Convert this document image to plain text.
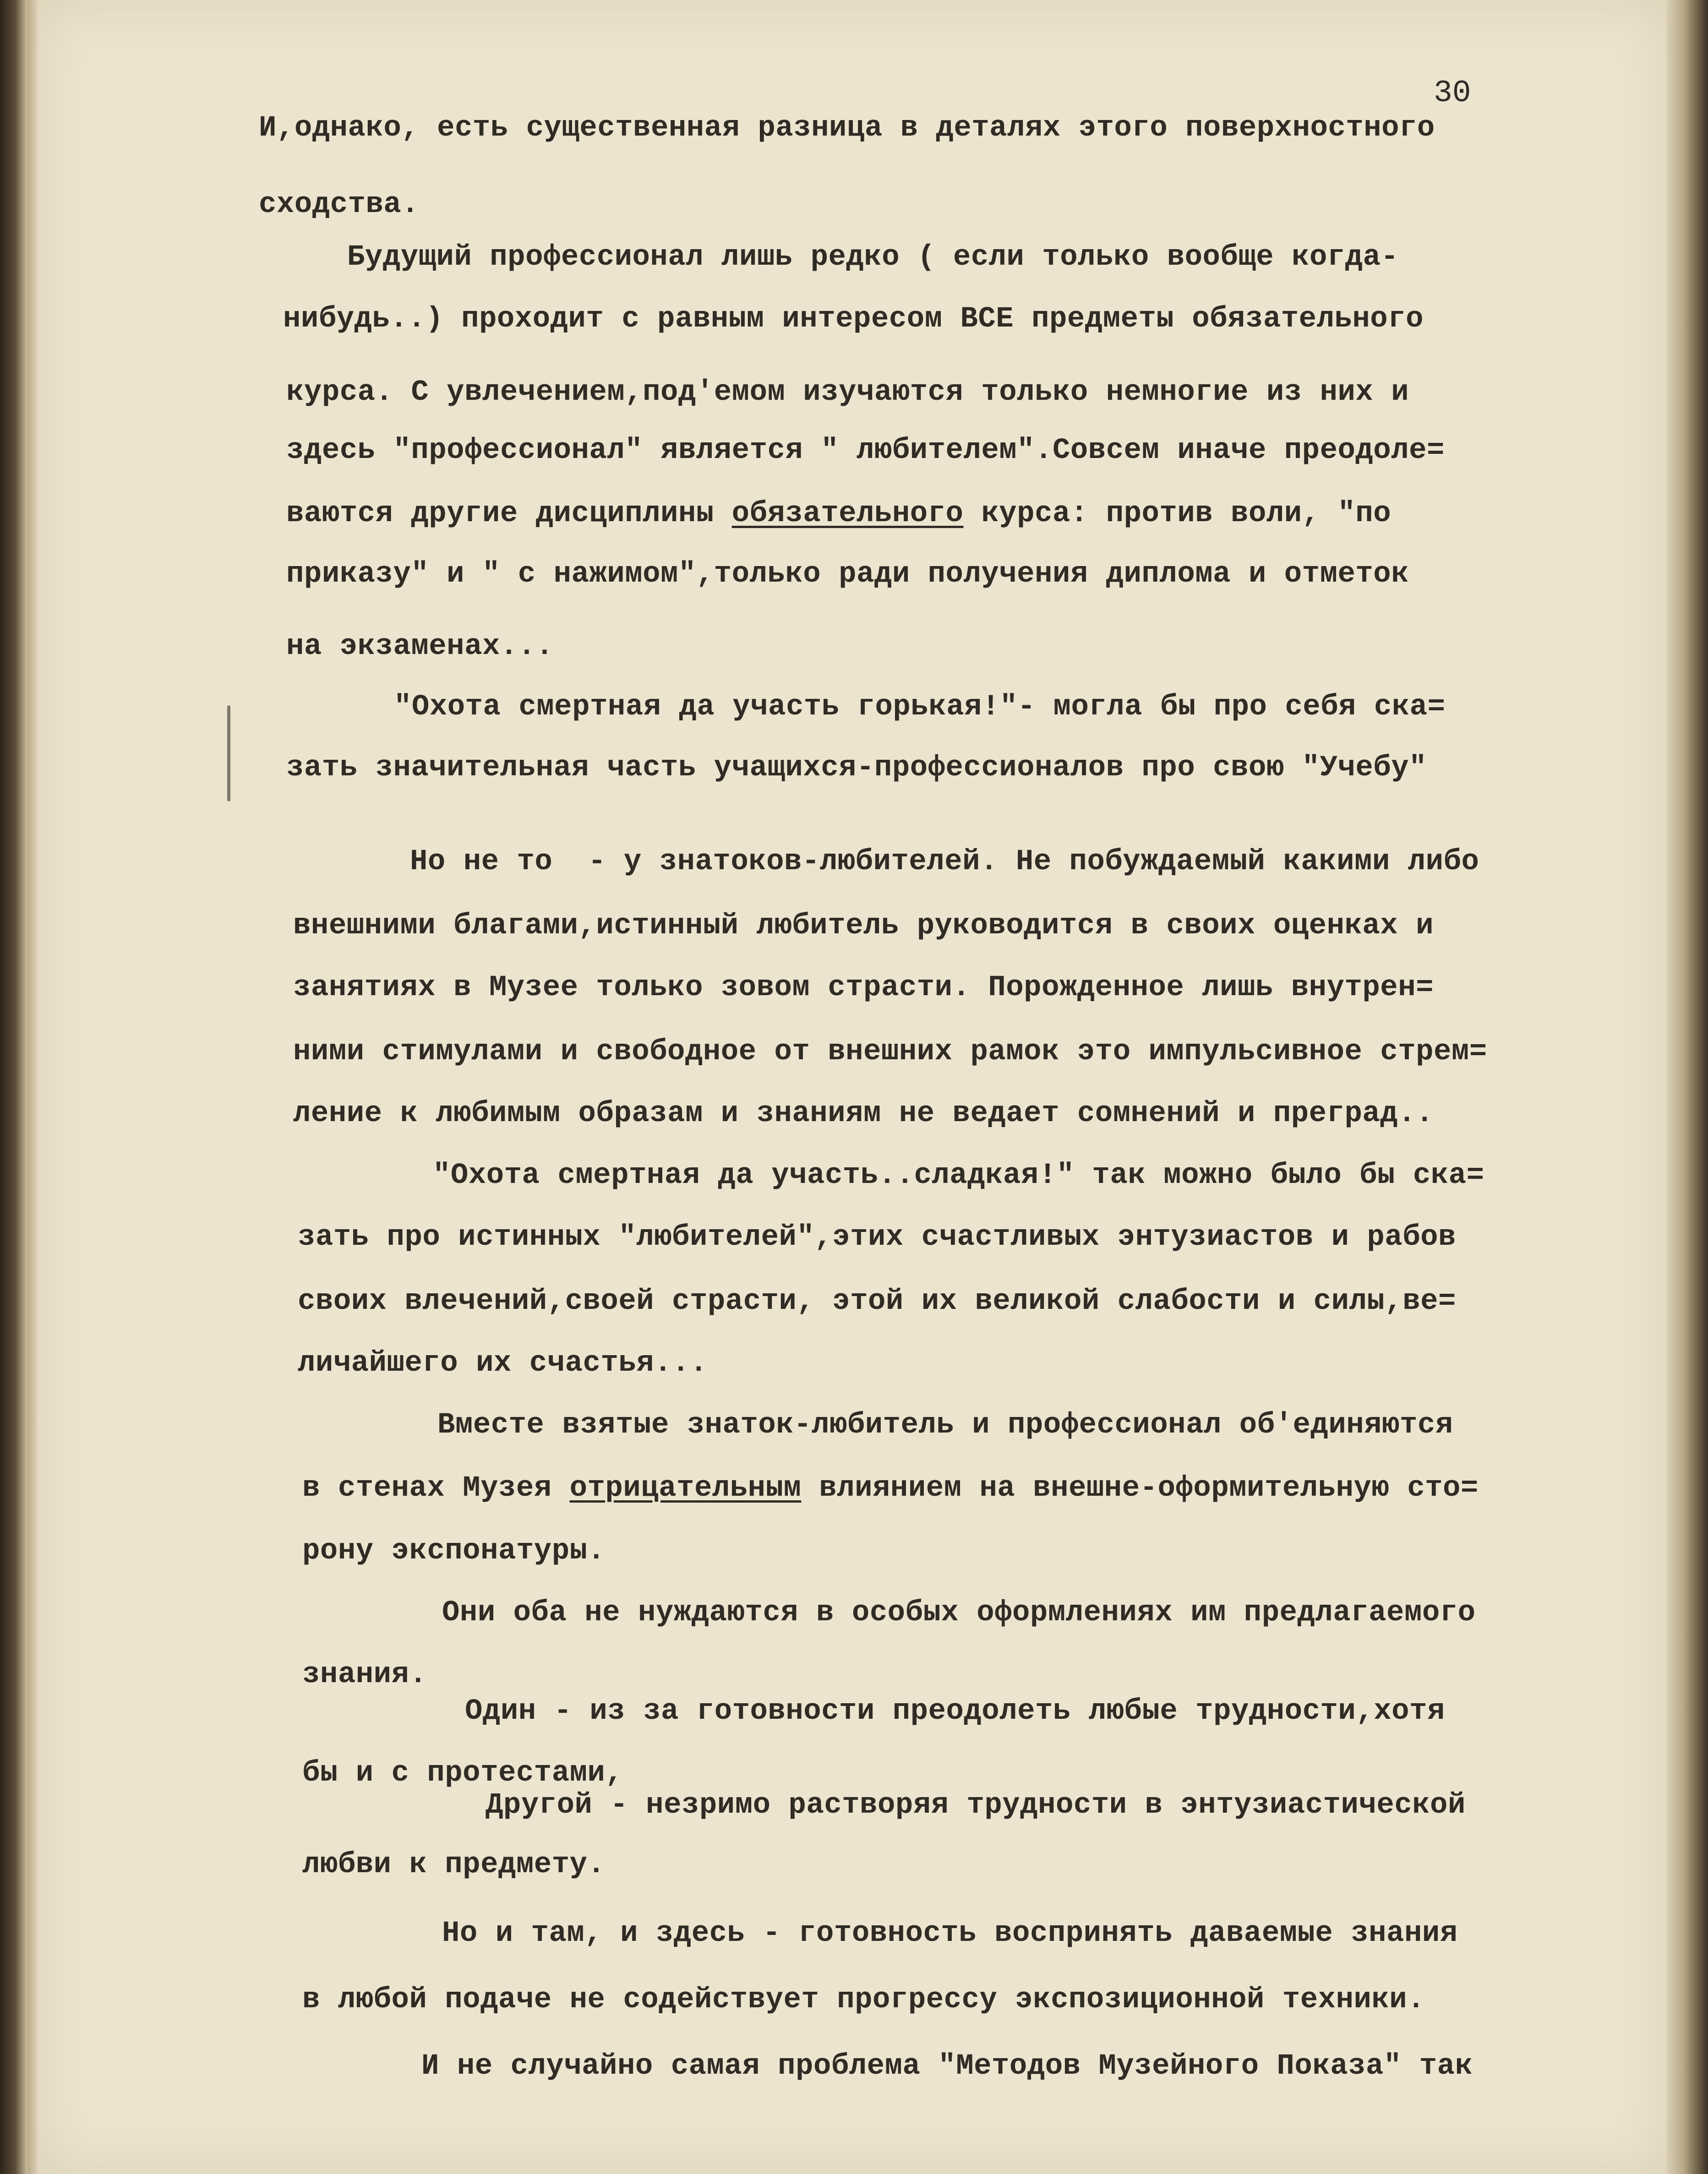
30

И,однако, есть существенная разница в деталях этого поверхностного

сходства.

Будущий профессионал лишь редко ( если только вообще когда-

нибудь..) проходит с равным интересом ВСЕ предметы обязательного

курса. С увлечением,под'емом изучаются только немногие из них и

здесь "профессионал" является " любителем".Совсем иначе преодоле=

ваются другие дисциплины обязательного курса: против воли, "по

приказу" и " с нажимом",только ради получения диплома и отметок

на экзаменах...

"Охота смертная да участь горькая!"- могла бы про себя ска=

зать значительная часть учащихся-профессионалов про свою "Учебу"

Но не то  - у знатоков-любителей. Не побуждаемый какими либо

внешними благами,истинный любитель руководится в своих оценках и

занятиях в Музее только зовом страсти. Порожденное лишь внутрен=

ними стимулами и свободное от внешних рамок это импульсивное стрем=

ление к любимым образам и знаниям не ведает сомнений и преград..

"Охота смертная да участь..сладкая!" так можно было бы ска=

зать про истинных "любителей",этих счастливых энтузиастов и рабов

своих влечений,своей страсти, этой их великой слабости и силы,ве=

личайшего их счастья...

Вместе взятые знаток-любитель и профессионал об'единяются

в стенах Музея отрицательным влиянием на внешне-оформительную сто=

рону экспонатуры.

Они оба не нуждаются в особых оформлениях им предлагаемого

знания.

Один - из за готовности преодолеть любые трудности,хотя

бы и с протестами,

Другой - незримо растворяя трудности в энтузиастической

любви к предмету.

Но и там, и здесь - готовность воспринять даваемые знания

в любой подаче не содействует прогрессу экспозиционной техники.

И не случайно самая проблема "Методов Музейного Показа" так
